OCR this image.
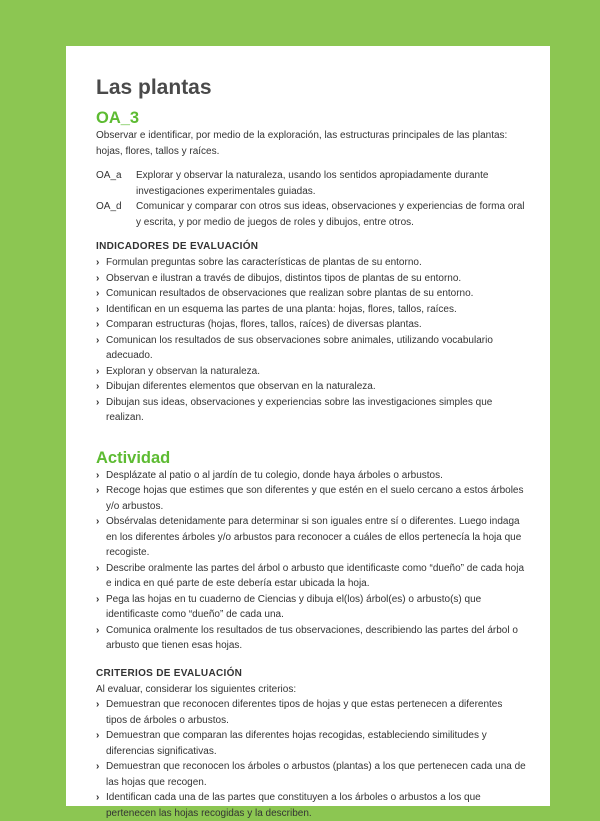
Las plantas
OA_3

Observar e identificar, por medio de la exploración, las estructuras principales de las plantas: hojas, flores, tallos y raíces.

OA_a	Explorar y observar la naturaleza, usando los sentidos apropiadamente durante investigaciones experimentales guiadas.
OA_d	Comunicar y comparar con otros sus ideas, observaciones y experiencias de forma oral y escrita, y por medio de juegos de roles y dibujos, entre otros.
INDICADORES DE EVALUACIÓN
› Formulan preguntas sobre las características de plantas de su entorno.
› Observan e ilustran a través de dibujos, distintos tipos de plantas de su entorno.
› Comunican resultados de observaciones que realizan sobre plantas de su entorno.
› Identifican en un esquema las partes de una planta: hojas, flores, tallos, raíces.
› Comparan estructuras (hojas, flores, tallos, raíces) de diversas plantas.
› Comunican los resultados de sus observaciones sobre animales, utilizando vocabulario adecuado.
› Exploran y observan la naturaleza.
› Dibujan diferentes elementos que observan en la naturaleza.
› Dibujan sus ideas, observaciones y experiencias sobre las investigaciones simples que realizan.
Actividad
› Desplázate al patio o al jardín de tu colegio, donde haya árboles o arbustos.
› Recoge hojas que estimes que son diferentes y que estén en el suelo cercano a estos árboles y/o arbustos.
› Obsérvalas detenidamente para determinar si son iguales entre sí o diferentes. Luego indaga en los diferentes árboles y/o arbustos para reconocer a cuáles de ellos pertenecía la hoja que recogiste.
› Describe oralmente las partes del árbol o arbusto que identificaste como “dueño” de cada hoja e indica en qué parte de este debería estar ubicada la hoja.
› Pega las hojas en tu cuaderno de Ciencias y dibuja el(los) árbol(es) o arbusto(s) que identificaste como “dueño” de cada una.
› Comunica oralmente los resultados de tus observaciones, describiendo las partes del árbol o arbusto que tienen esas hojas.
CRITERIOS DE EVALUACIÓN

Al evaluar, considerar los siguientes criterios:

› Demuestran que reconocen diferentes tipos de hojas y que estas pertenecen a diferentes tipos de árboles o arbustos.
› Demuestran que comparan las diferentes hojas recogidas, estableciendo similitudes y diferencias significativas.
› Demuestran que reconocen los árboles o arbustos (plantas) a los que pertenecen cada una de las hojas que recogen.
› Identifican cada una de las partes que constituyen a los árboles o arbustos a los que pertenecen las hojas recogidas y la describen.
